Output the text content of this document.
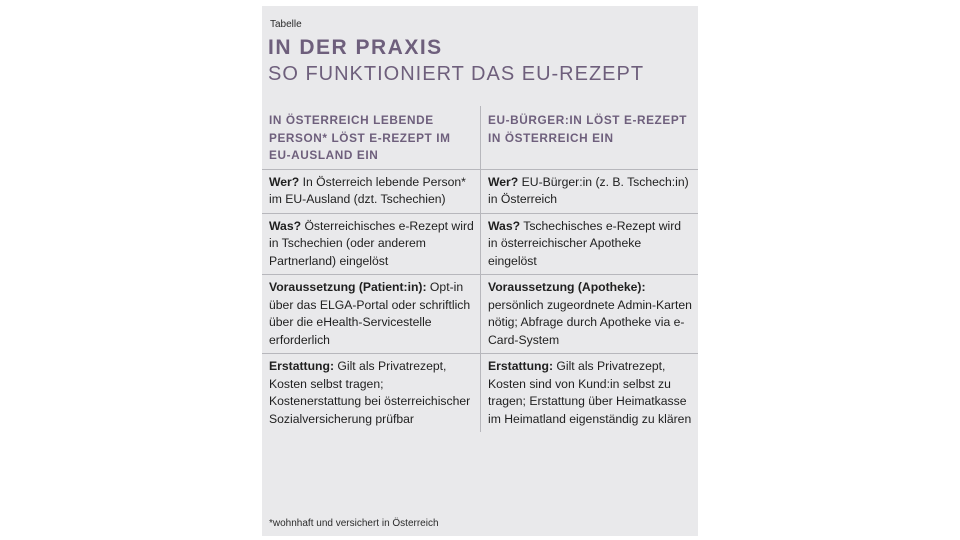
Tabelle
IN DER PRAXIS
SO FUNKTIONIERT DAS EU-REZEPT
IN ÖSTERREICH LEBENDE PERSON* LÖST E-REZEPT IM EU-AUSLAND EIN
EU-BÜRGER:IN LÖST E-REZEPT IN ÖSTERREICH EIN
Wer? In Österreich lebende Person* im EU-Ausland (dzt. Tschechien)
Wer? EU-Bürger:in (z. B. Tschech:in) in Österreich
Was? Österreichisches e-Rezept wird in Tschechien (oder anderem Partnerland) eingelöst
Was? Tschechisches e-Rezept wird in österreichischer Apotheke eingelöst
Voraussetzung (Patient:in): Opt-in über das ELGA-Portal oder schriftlich über die eHealth-Servicestelle erforderlich
Voraussetzung (Apotheke): persönlich zugeordnete Admin-Karten nötig; Abfrage durch Apotheke via e-Card-System
Erstattung: Gilt als Privatrezept, Kosten selbst tragen; Kostenerstattung bei österreichischer Sozialversicherung prüfbar
Erstattung: Gilt als Privatrezept, Kosten sind von Kund:in selbst zu tragen; Erstattung über Heimatkasse im Heimatland eigenständig zu klären
*wohnhaft und versichert in Österreich
